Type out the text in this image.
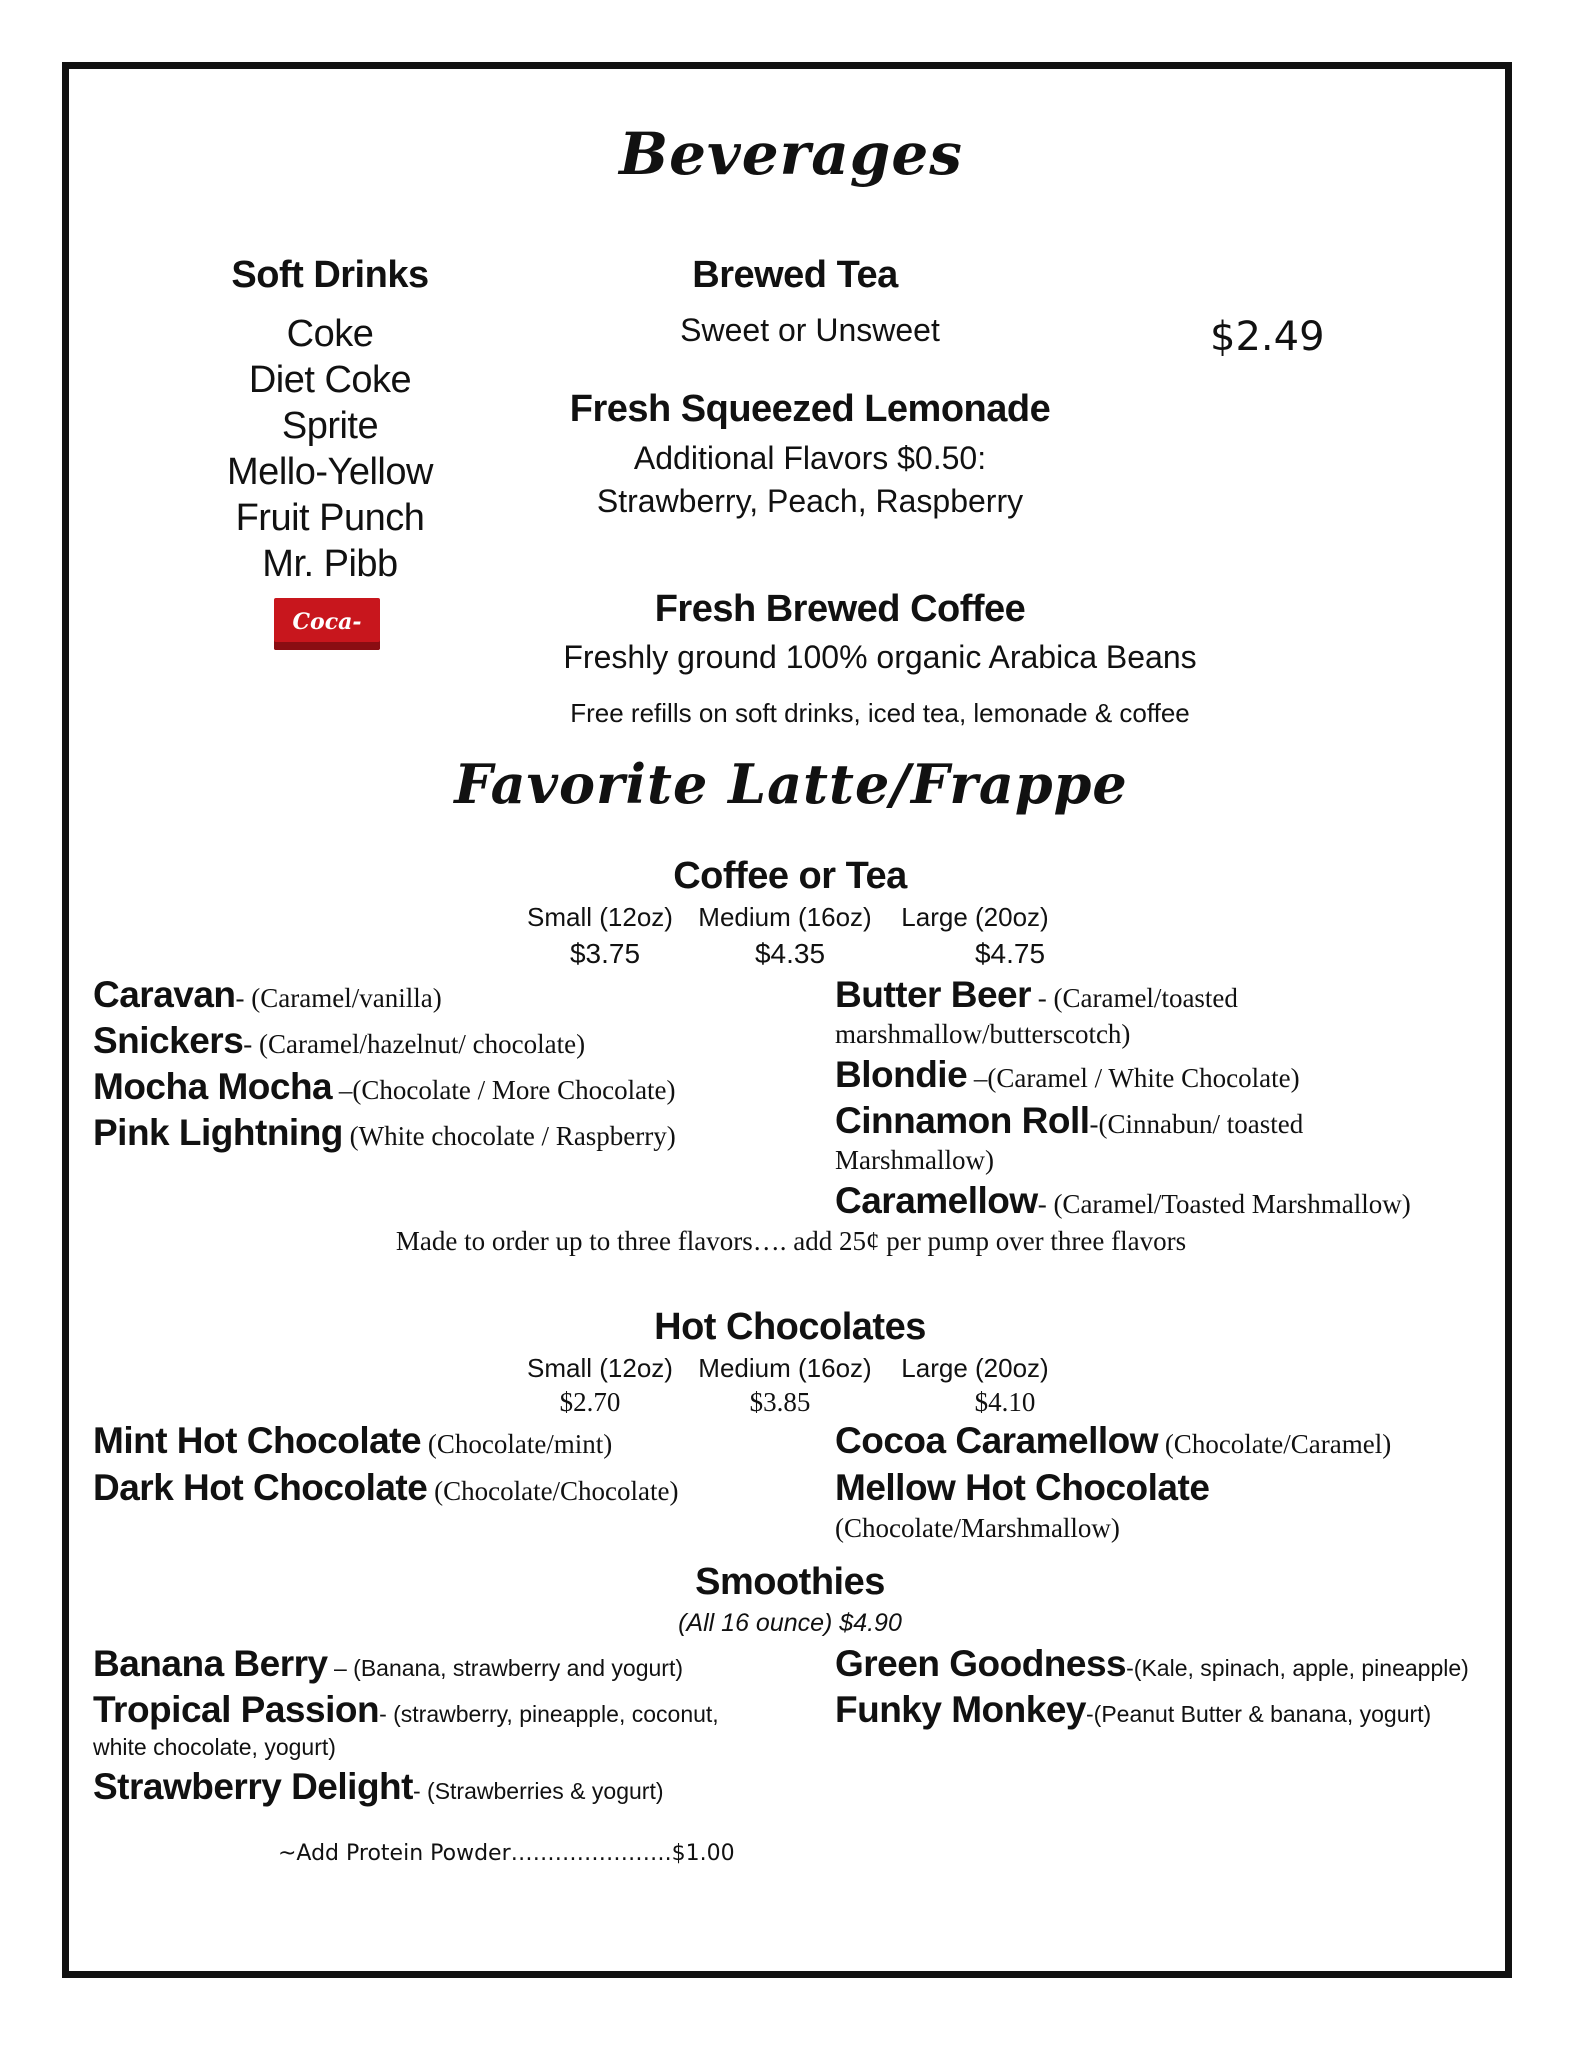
Beverages
Soft Drinks
Coke
Diet Coke
Sprite
Mello-Yellow
Fruit Punch
Mr. Pibb
Coca-Cola
Brewed Tea
Sweet or Unsweet	$2.49
Fresh Squeezed Lemonade
Additional Flavors $0.50:
Strawberry, Peach, Raspberry
Fresh Brewed Coffee
Freshly ground 100% organic Arabica Beans
Free refills on soft drinks, iced tea, lemonade & coffee
Favorite Latte/Frappe
Coffee or Tea
Small (12oz) Medium (16oz)	Large (20oz)
$3.75	$4.35	$4.75
Caravan- (Caramel/vanilla)
Snickers- (Caramel/hazelnut/ chocolate)
Mocha Mocha –(Chocolate / More Chocolate)
Pink Lightning (White chocolate / Raspberry)
Butter Beer - (Caramel/toasted
marshmallow/butterscotch)
Blondie –(Caramel / White Chocolate)
Cinnamon Roll-(Cinnabun/ toasted
Marshmallow)
Caramellow- (Caramel/Toasted Marshmallow)
Made to order up to three flavors…. add 25¢ per pump over three flavors
Hot Chocolates
Small (12oz) Medium (16oz)	Large (20oz)
$2.70	$3.85	$4.10
Mint Hot Chocolate (Chocolate/mint)
Dark Hot Chocolate (Chocolate/Chocolate)
Cocoa Caramellow (Chocolate/Caramel)
Mellow Hot Chocolate
(Chocolate/Marshmallow)
Smoothies
(All 16 ounce) $4.90
Banana Berry – (Banana, strawberry and yogurt)
Tropical Passion- (strawberry, pineapple, coconut,
white chocolate, yogurt)
Strawberry Delight- (Strawberries & yogurt)
Green Goodness-(Kale, spinach, apple, pineapple)
Funky Monkey-(Peanut Butter & banana, yogurt)
~Add Protein Powder………………….$1.00
